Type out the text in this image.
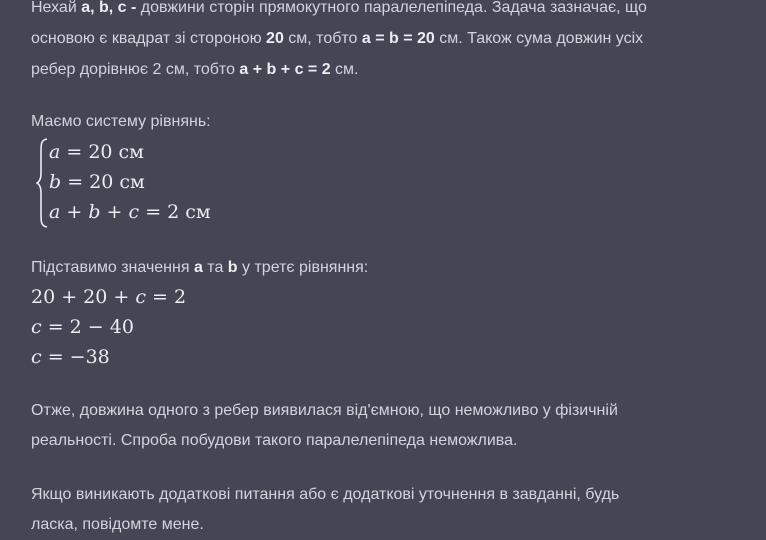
Нехай a, b, c - довжини сторін прямокутного паралелепіпеда. Задача зазначає, що
основою є квадрат зі стороною 20 см, тобто a = b = 20 см. Також сума довжин усіх
ребер дорівнює 2 см, тобто a + b + c = 2 см.
Маємо систему рівнянь:
a = 20 см
b = 20 см
a + b + c = 2 см
Підставимо значення a та b у третє рівняння:
20 + 20 + c = 2
c = 2 − 40
c = −38
Отже, довжина одного з ребер виявилася від'ємною, що неможливо у фізичній
реальності. Спроба побудови такого паралелепіпеда неможлива.
Якщо виникають додаткові питання або є додаткові уточнення в завданні, будь
ласка, повідомте мене.
